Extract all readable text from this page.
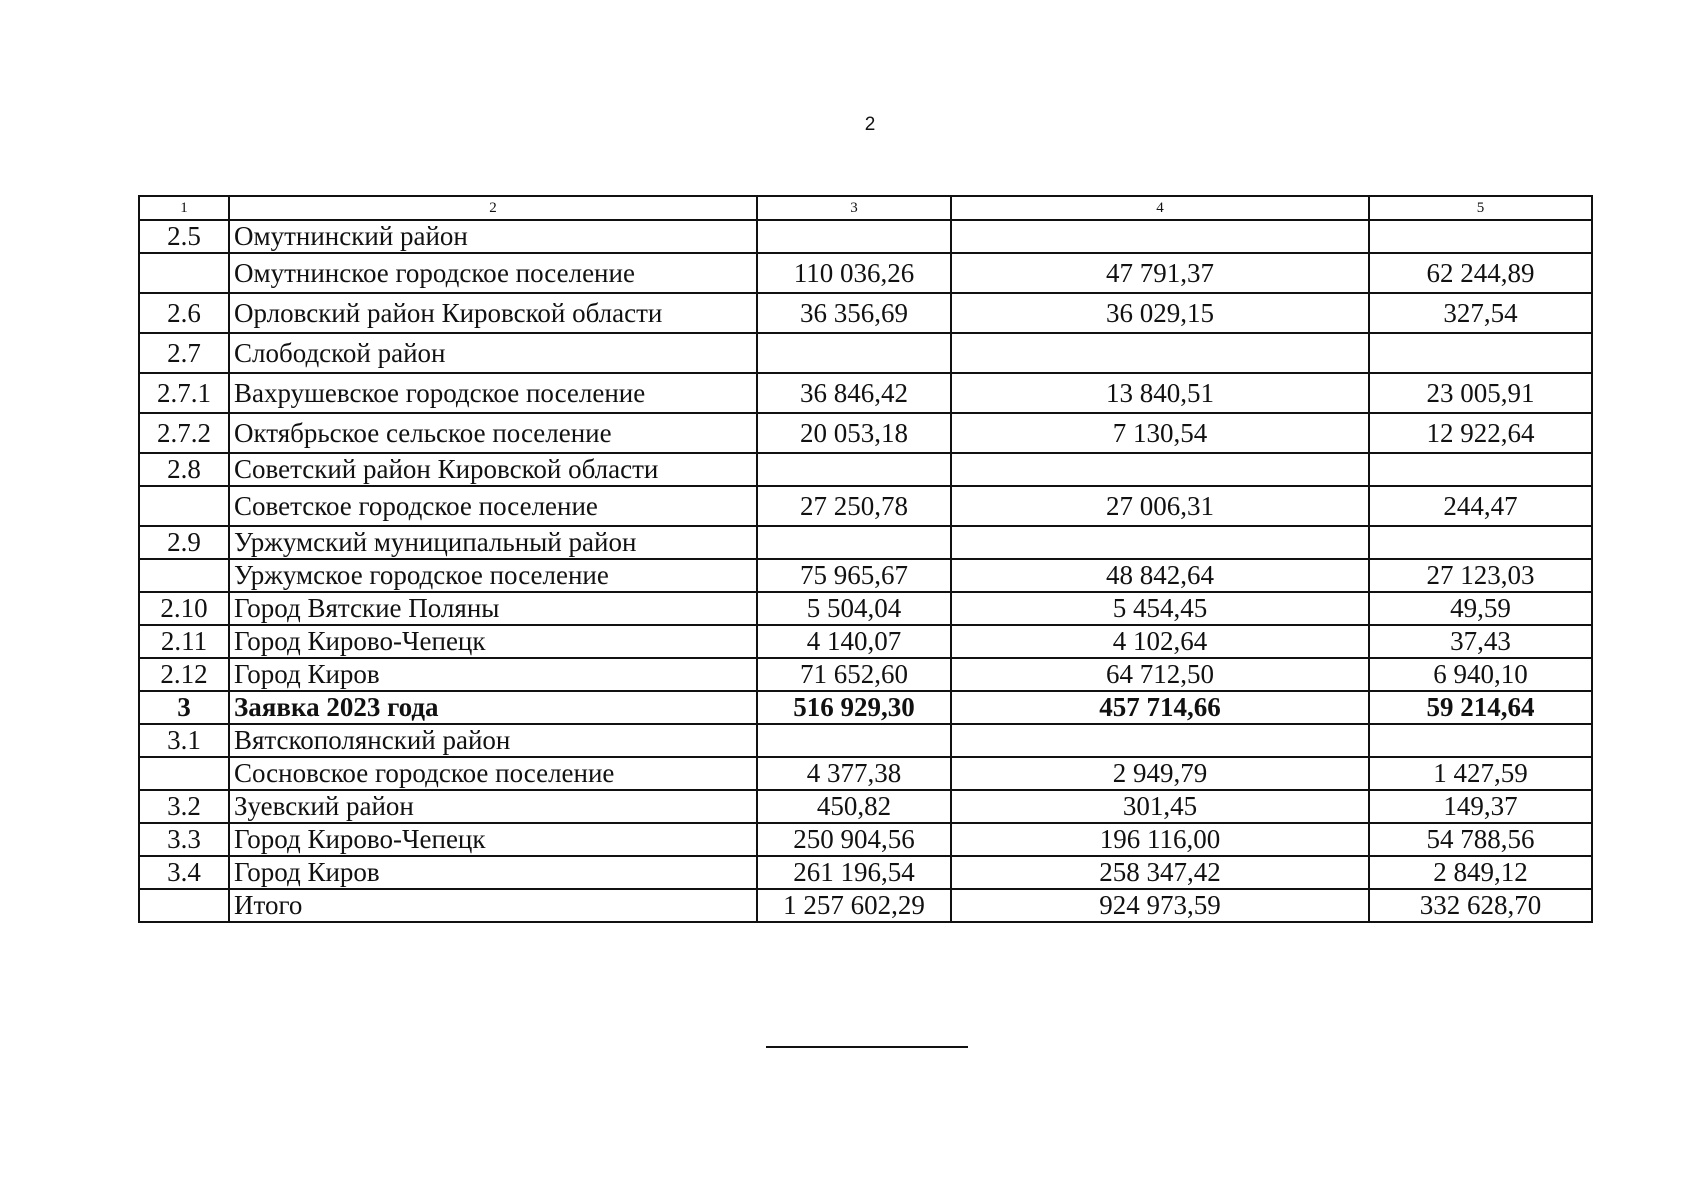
2
1	2	3	4	5
2.5	Омутнинский район			
	Омутнинское городское поселение	110 036,26	47 791,37	62 244,89
2.6	Орловский район Кировской области	36 356,69	36 029,15	327,54
2.7	Слободской район			
2.7.1	Вахрушевское городское поселение	36 846,42	13 840,51	23 005,91
2.7.2	Октябрьское сельское поселение	20 053,18	7 130,54	12 922,64
2.8	Советский район Кировской области			
	Советское городское поселение	27 250,78	27 006,31	244,47
2.9	Уржумский муниципальный район			
	Уржумское городское поселение	75 965,67	48 842,64	27 123,03
2.10	Город Вятские Поляны	5 504,04	5 454,45	49,59
2.11	Город Кирово-Чепецк	4 140,07	4 102,64	37,43
2.12	Город Киров	71 652,60	64 712,50	6 940,10
3	Заявка 2023 года	516 929,30	457 714,66	59 214,64
3.1	Вятскополянский район			
	Сосновское городское поселение	4 377,38	2 949,79	1 427,59
3.2	Зуевский район	450,82	301,45	149,37
3.3	Город Кирово-Чепецк	250 904,56	196 116,00	54 788,56
3.4	Город Киров	261 196,54	258 347,42	2 849,12
	Итого	1 257 602,29	924 973,59	332 628,70
